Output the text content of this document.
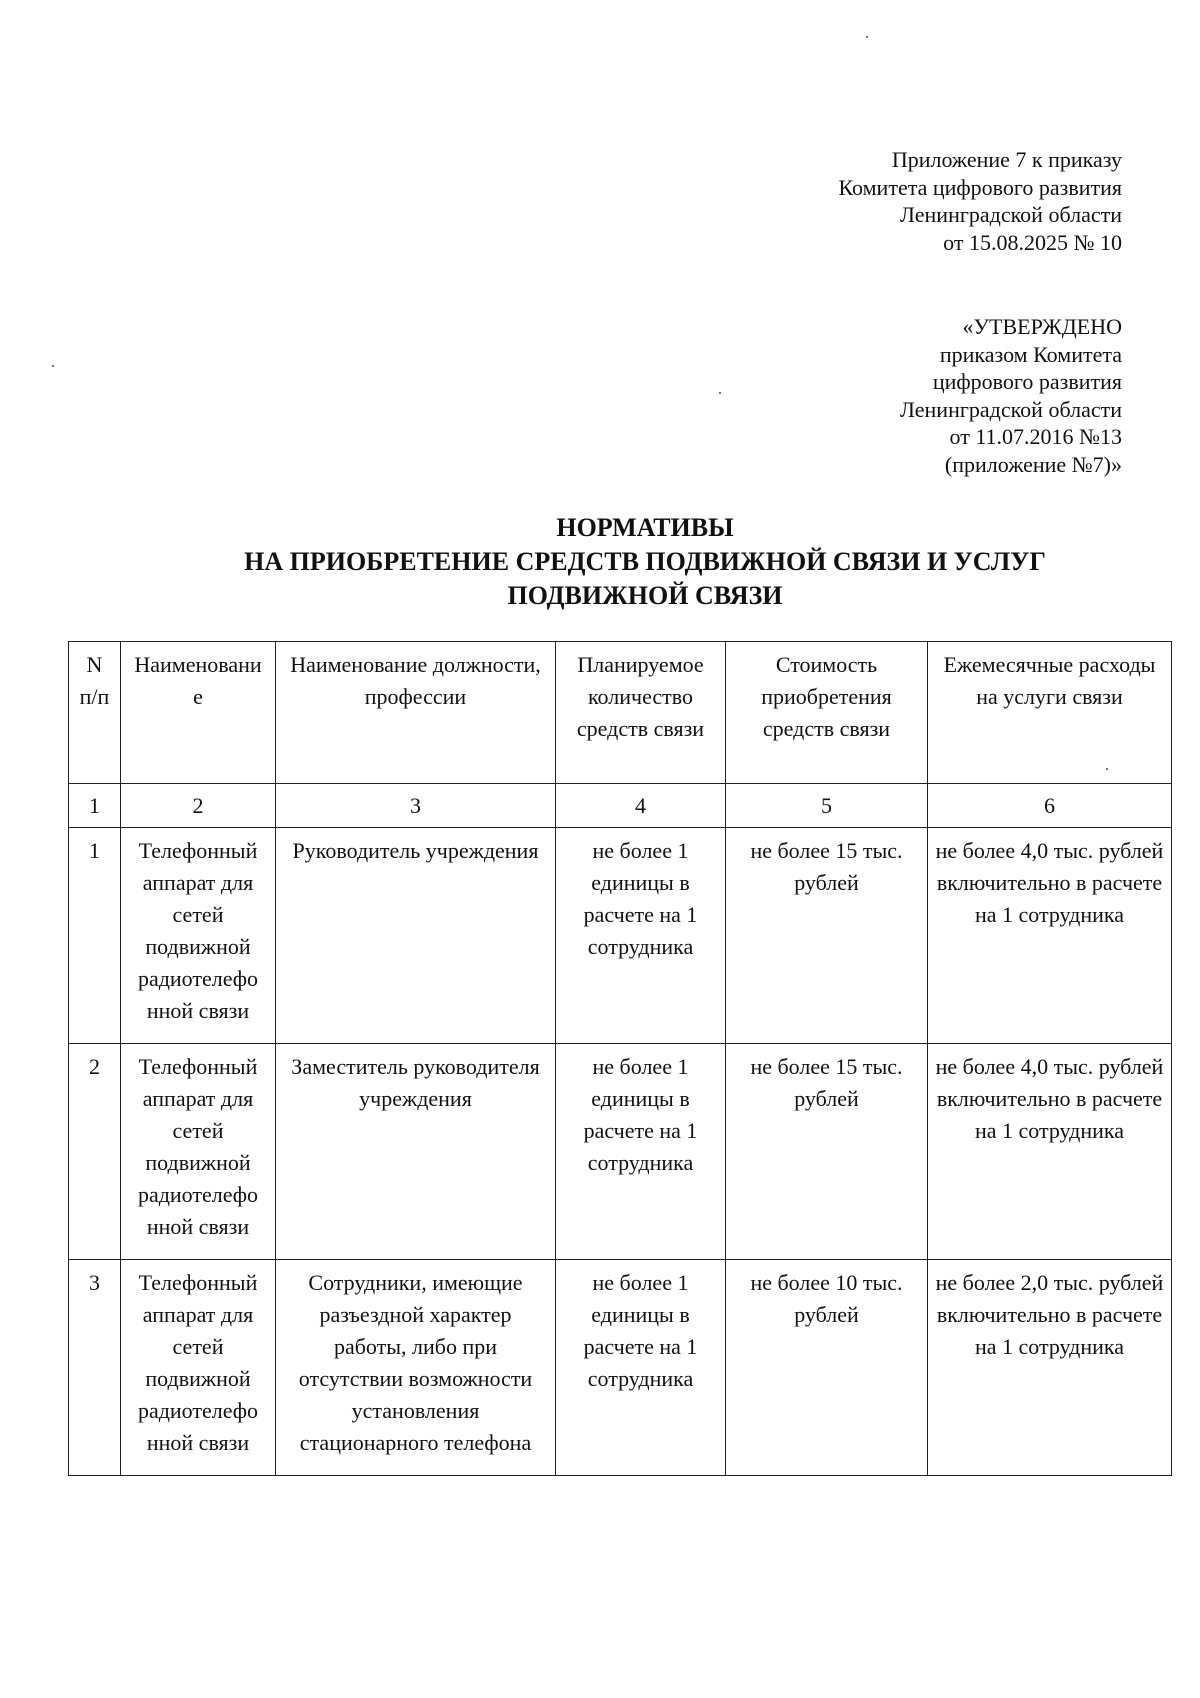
Приложение 7 к приказу
Комитета цифрового развития
Ленинградской области
от 15.08.2025 № 10
«УТВЕРЖДЕНО
приказом Комитета
цифрового развития
Ленинградской области
от 11.07.2016 №13
(приложение №7)»
НОРМАТИВЫ
НА ПРИОБРЕТЕНИЕ СРЕДСТВ ПОДВИЖНОЙ СВЯЗИ И УСЛУГ
ПОДВИЖНОЙ СВЯЗИ
N п/п	Наименовани е	Наименование должности, профессии	Планируемое количество средств связи	Стоимость приобретения средств связи	Ежемесячные расходы на услуги связи
1	2	3	4	5	6
1	Телефонный аппарат для сетей подвижной радиотелефо нной связи	Руководитель учреждения	не более 1 единицы в расчете на 1 сотрудника	не более 15 тыс. рублей	не более 4,0 тыс. рублей включительно в расчете на 1 сотрудника
2	Телефонный аппарат для сетей подвижной радиотелефо нной связи	Заместитель руководителя учреждения	не более 1 единицы в расчете на 1 сотрудника	не более 15 тыс. рублей	не более 4,0 тыс. рублей включительно в расчете на 1 сотрудника
3	Телефонный аппарат для сетей подвижной радиотелефо нной связи	Сотрудники, имеющие разъездной характер работы, либо при отсутствии возможности установления стационарного телефона	не более 1 единицы в расчете на 1 сотрудника	не более 10 тыс. рублей	не более 2,0 тыс. рублей включительно в расчете на 1 сотрудника
